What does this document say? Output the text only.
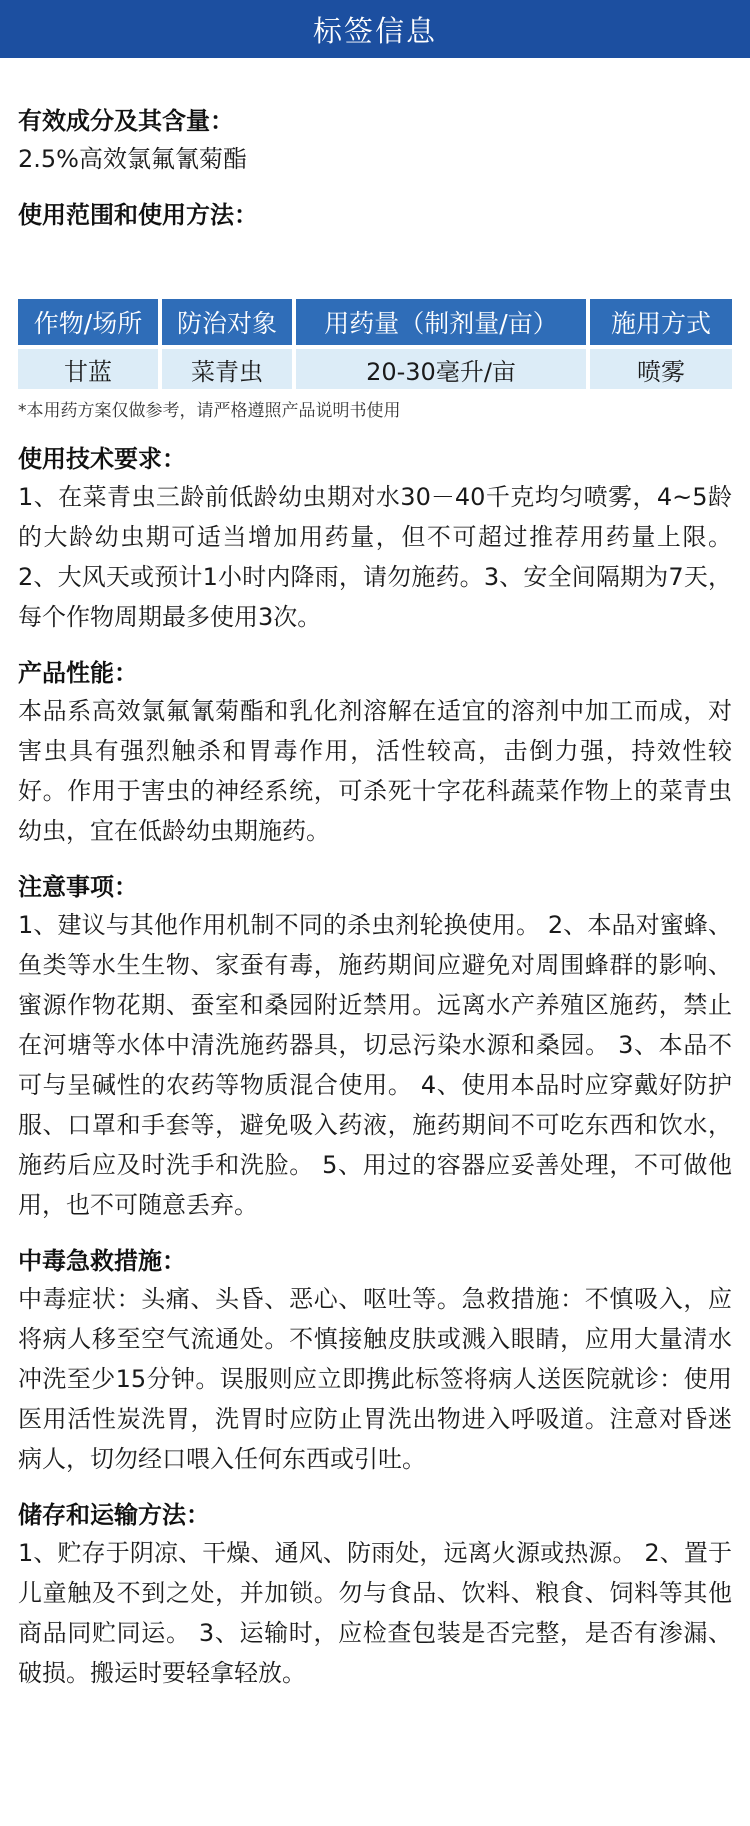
标签信息

有效成分及其含量：

2.5%高效氯氟氰菊酯

使用范围和使用方法：

作物/场所	防治对象	用药量（制剂量/亩）	施用方式
甘蓝	菜青虫	20-30毫升/亩	喷雾

*本用药方案仅做参考，请严格遵照产品说明书使用

使用技术要求：

1、在菜青虫三龄前低龄幼虫期对水30－40千克均匀喷雾，4~5龄的大龄幼虫期可适当增加用药量，但不可超过推荐用药量上限。 2、大风天或预计1小时内降雨，请勿施药。3、安全间隔期为7天，每个作物周期最多使用3次。

产品性能：

本品系高效氯氟氰菊酯和乳化剂溶解在适宜的溶剂中加工而成，对害虫具有强烈触杀和胃毒作用，活性较高，击倒力强，持效性较好。作用于害虫的神经系统，可杀死十字花科蔬菜作物上的菜青虫幼虫，宜在低龄幼虫期施药。

注意事项：

1、建议与其他作用机制不同的杀虫剂轮换使用。 2、本品对蜜蜂、鱼类等水生生物、家蚕有毒，施药期间应避免对周围蜂群的影响、蜜源作物花期、蚕室和桑园附近禁用。远离水产养殖区施药，禁止在河塘等水体中清洗施药器具，切忌污染水源和桑园。 3、本品不可与呈碱性的农药等物质混合使用。 4、使用本品时应穿戴好防护服、口罩和手套等，避免吸入药液，施药期间不可吃东西和饮水，施药后应及时洗手和洗脸。 5、用过的容器应妥善处理，不可做他用，也不可随意丢弃。

中毒急救措施：

中毒症状：头痛、头昏、恶心、呕吐等。急救措施：不慎吸入，应将病人移至空气流通处。不慎接触皮肤或溅入眼睛，应用大量清水冲洗至少15分钟。误服则应立即携此标签将病人送医院就诊：使用医用活性炭洗胃，洗胃时应防止胃洗出物进入呼吸道。注意对昏迷病人，切勿经口喂入任何东西或引吐。

储存和运输方法：

1、贮存于阴凉、干燥、通风、防雨处，远离火源或热源。 2、置于儿童触及不到之处，并加锁。勿与食品、饮料、粮食、饲料等其他商品同贮同运。 3、运输时，应检查包装是否完整，是否有渗漏、破损。搬运时要轻拿轻放。
